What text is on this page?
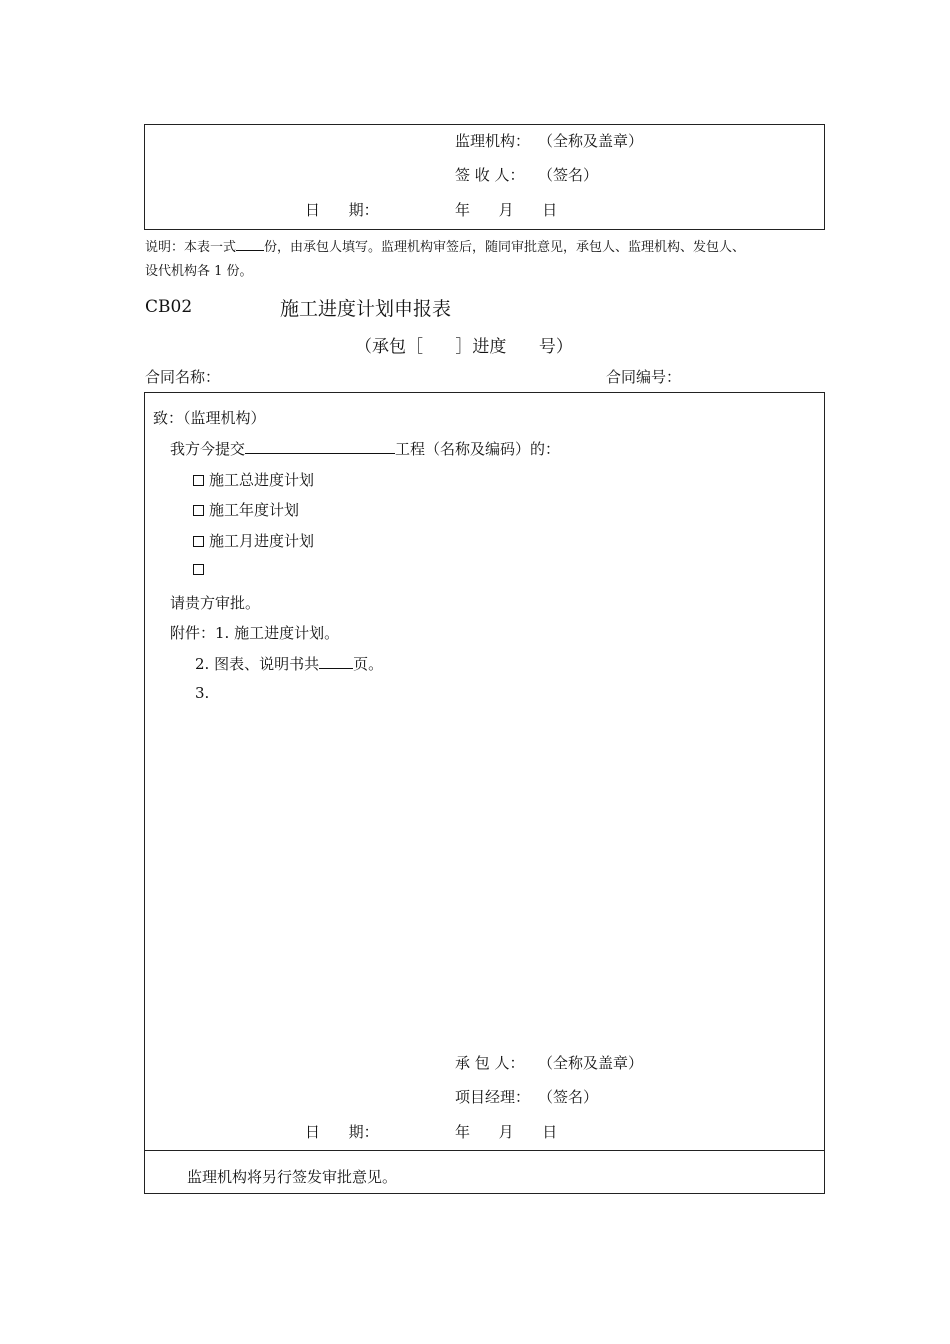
监理机构： （全称及盖章）
签 收 人： （签名）
日      期：	年      月      日
说明：本表一式 份，由承包人填写。监理机构审签后，随同审批意见，承包人、监理机构、发包人、
设代机构各 1 份。
CB02	施工进度计划申报表
（承包［      ］进度      号）
合同名称：	合同编号：
致：（监理机构）
我方今提交	工程（名称及编码）的：
施工总进度计划
施工年度计划
施工月进度计划
请贵方审批。
附件：1. 施工进度计划。
2. 图表、说明书共 页。
3.
承 包 人： （全称及盖章）
项目经理： （签名）
日      期：	年      月      日
监理机构将另行签发审批意见。
